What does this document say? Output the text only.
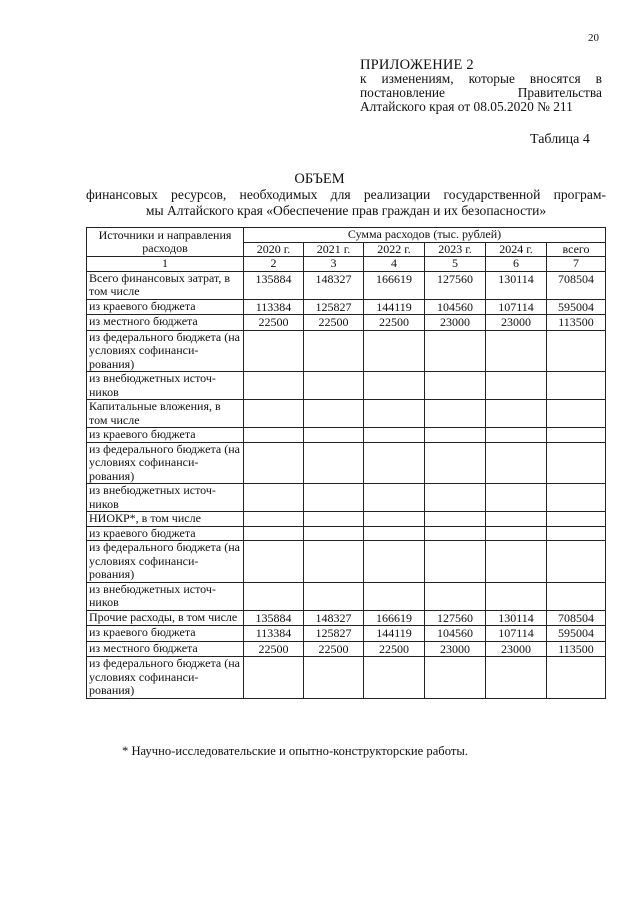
20
ПРИЛОЖЕНИЕ 2
к изменениям, которые вносятся в
постановление Правительства
Алтайского края от 08.05.2020 № 211
Таблица 4
ОБЪЕМ
финансовых ресурсов, необходимых для реализации государственной програм-
мы Алтайского края «Обеспечение прав граждан и их безопасности»
Источники и направления расходов	Сумма расходов (тыс. рублей)					
	2020 г.	2021 г.	2022 г.	2023 г.	2024 г.	всего
1	2	3	4	5	6	7
Всего финансовых затрат, в том числе	135884	148327	166619	127560	130114	708504
из краевого бюджета	113384	125827	144119	104560	107114	595004
из местного бюджета	22500	22500	22500	23000	23000	113500
из федерального бюджета (на условиях софинанси-рования)						
из внебюджетных источ-ников						
Капитальные вложения, в том числе						
из краевого бюджета						
из федерального бюджета (на условиях софинанси-рования)						
из внебюджетных источ-ников						
НИОКР*, в том числе						
из краевого бюджета						
из федерального бюджета (на условиях софинанси-рования)						
из внебюджетных источ-ников						
Прочие расходы, в том числе	135884	148327	166619	127560	130114	708504
из краевого бюджета	113384	125827	144119	104560	107114	595004
из местного бюджета	22500	22500	22500	23000	23000	113500
из федерального бюджета (на условиях софинанси-рования)						
* Научно-исследовательские и опытно-конструкторские работы.
